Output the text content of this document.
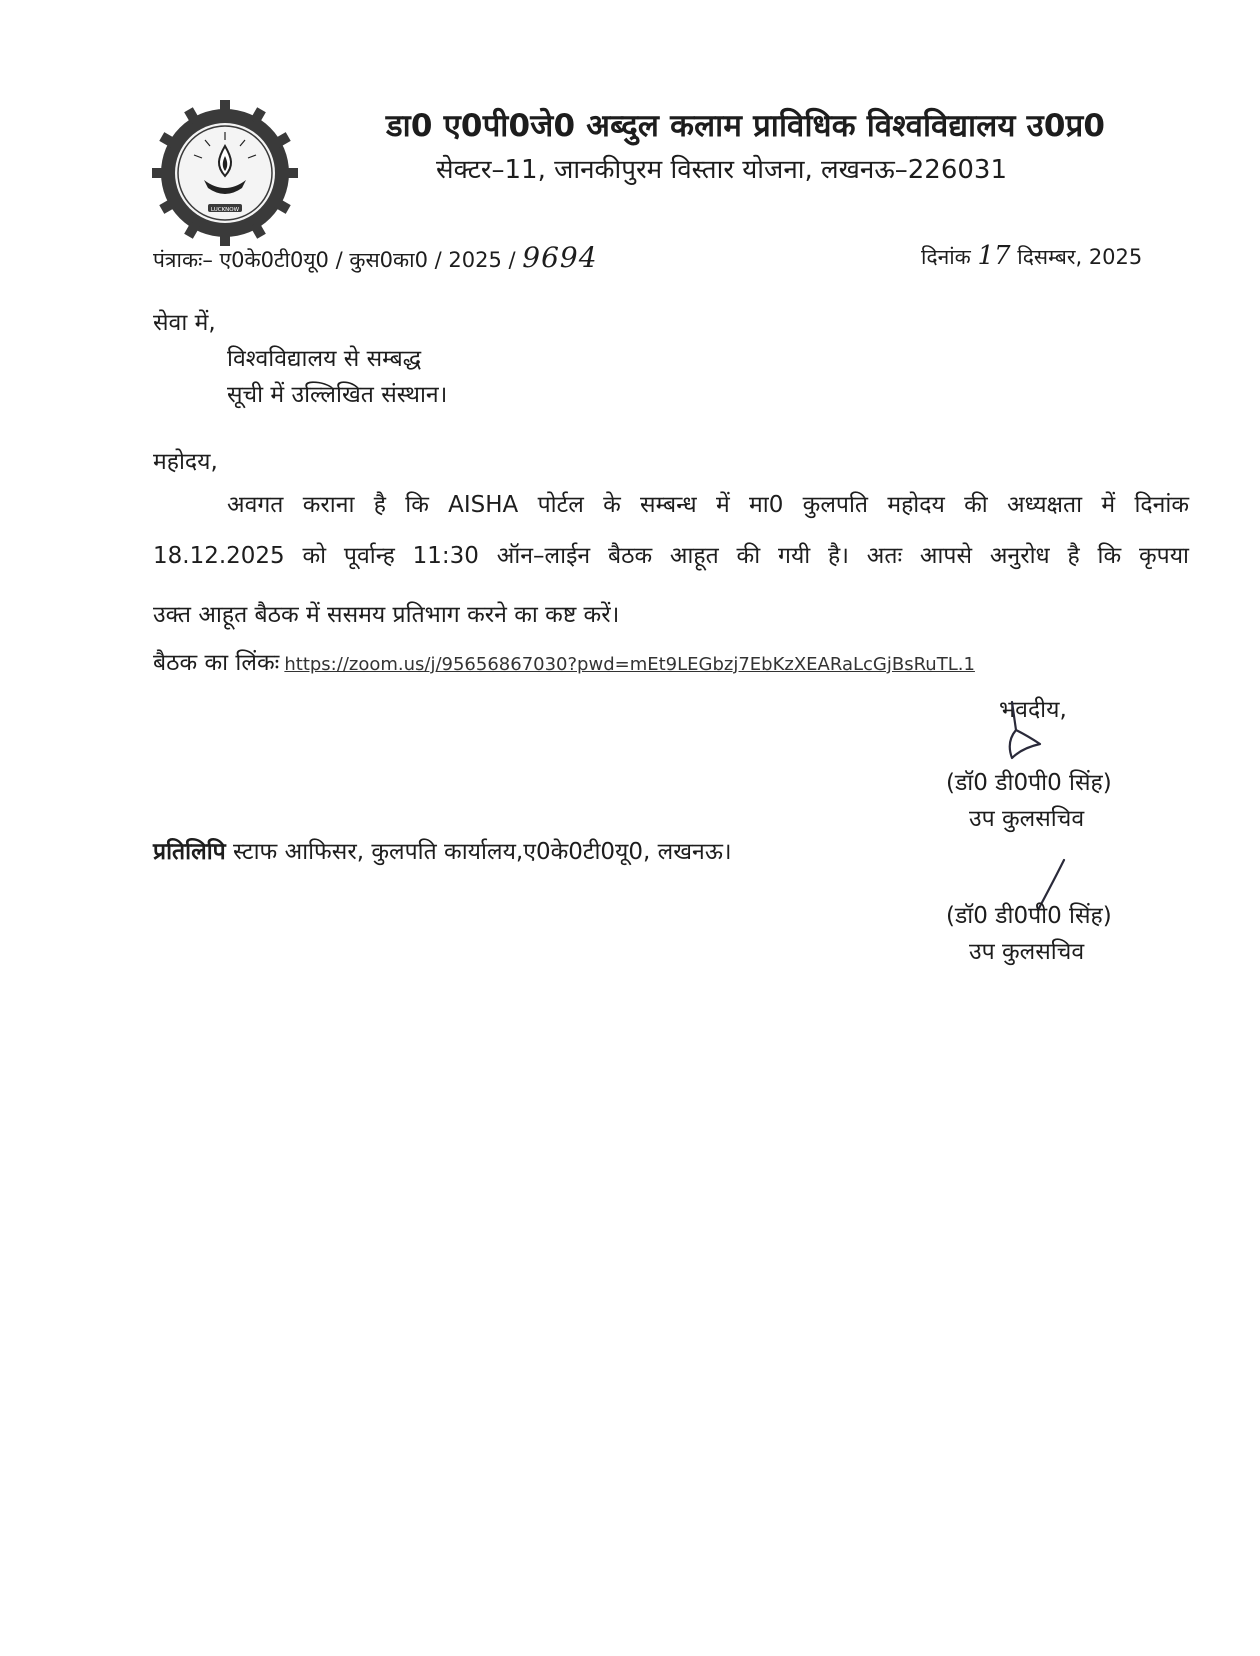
LUCKNOW
डा0 ए0पी0जे0 अब्दुल कलाम प्राविधिक विश्वविद्यालय उ0प्र0
सेक्टर–11, जानकीपुरम विस्तार योजना, लखनऊ–226031
पंत्राकः– ए0के0टी0यू0 / कुस0का0 / 2025 / 9694	दिनांक 17 दिसम्बर, 2025
सेवा में,
विश्वविद्यालय से सम्बद्ध
सूची में उल्लिखित संस्थान।
महोदय,
अवगत कराना है कि AISHA पोर्टल के सम्बन्ध में मा0 कुलपति महोदय की अध्यक्षता में दिनांक
18.12.2025 को पूर्वान्ह 11:30 ऑन–लाईन बैठक आहूत की गयी है। अतः आपसे अनुरोध है कि कृपया
उक्त आहूत बैठक में ससमय प्रतिभाग करने का कष्ट करें।
बैठक का लिंकः https://zoom.us/j/95656867030?pwd=mEt9LEGbzj7EbKzXEARaLcGjBsRuTL.1
भवदीय,
(डॉ0 डी0पी0 सिंह)
उप कुलसचिव
प्रतिलिपि स्टाफ आफिसर, कुलपति कार्यालय,ए0के0टी0यू0, लखनऊ।
(डॉ0 डी0पी0 सिंह)
उप कुलसचिव
